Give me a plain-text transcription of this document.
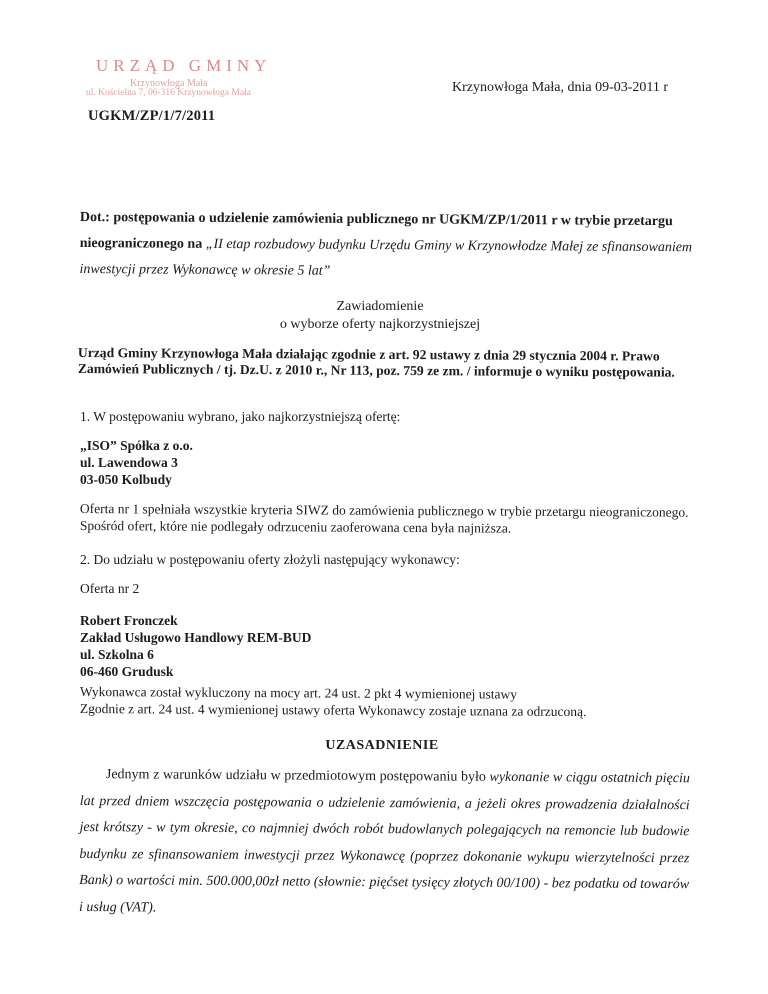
URZĄD GMINY
Krzynowłoga Mała
ul. Kościelna 7, 06-316 Krzynowłoga Mała
UGKM/ZP/1/7/2011
Krzynowłoga Mała, dnia 09-03-2011 r
Dot.: postępowania o udzielenie zamówienia publicznego nr UGKM/ZP/1/2011 r w trybie przetargu nieograniczonego na „II etap rozbudowy budynku Urzędu Gminy w Krzynowłodze Małej ze sfinansowaniem inwestycji przez Wykonawcę w okresie 5 lat”
Zawiadomienie
o wyborze oferty najkorzystniejszej
Urząd Gminy Krzynowłoga Mała działając zgodnie z art. 92 ustawy z dnia 29 stycznia 2004 r. Prawo Zamówień Publicznych / tj. Dz.U. z 2010 r., Nr 113, poz. 759 ze zm. / informuje o wyniku postępowania.
1. W postępowaniu wybrano, jako najkorzystniejszą ofertę:
„ISO” Spółka z o.o.
ul. Lawendowa 3
03-050 Kolbudy
Oferta nr 1 spełniała wszystkie kryteria SIWZ do zamówienia publicznego w trybie przetargu nieograniczonego. Spośród ofert, które nie podlegały odrzuceniu zaoferowana cena była najniższa.
2. Do udziału w postępowaniu oferty złożyli następujący wykonawcy:
Oferta nr 2
Robert Fronczek
Zakład Usługowo Handlowy REM-BUD
ul. Szkolna 6
06-460 Grudusk
Wykonawca został wykluczony na mocy art. 24 ust. 2 pkt 4 wymienionej ustawy
Zgodnie z art. 24 ust. 4 wymienionej ustawy oferta Wykonawcy zostaje uznana za odrzuconą.
UZASADNIENIE
Jednym z warunków udziału w przedmiotowym postępowaniu było wykonanie w ciągu ostatnich pięciu lat przed dniem wszczęcia postępowania o udzielenie zamówienia, a jeżeli okres prowadzenia działalności jest krótszy - w tym okresie, co najmniej dwóch robót budowlanych polegających na remoncie lub budowie budynku ze sfinansowaniem inwestycji przez Wykonawcę (poprzez dokonanie wykupu wierzytelności przez Bank) o wartości min. 500.000,00zł netto (słownie: pięćset tysięcy złotych 00/100) - bez podatku od towarów i usług (VAT).
